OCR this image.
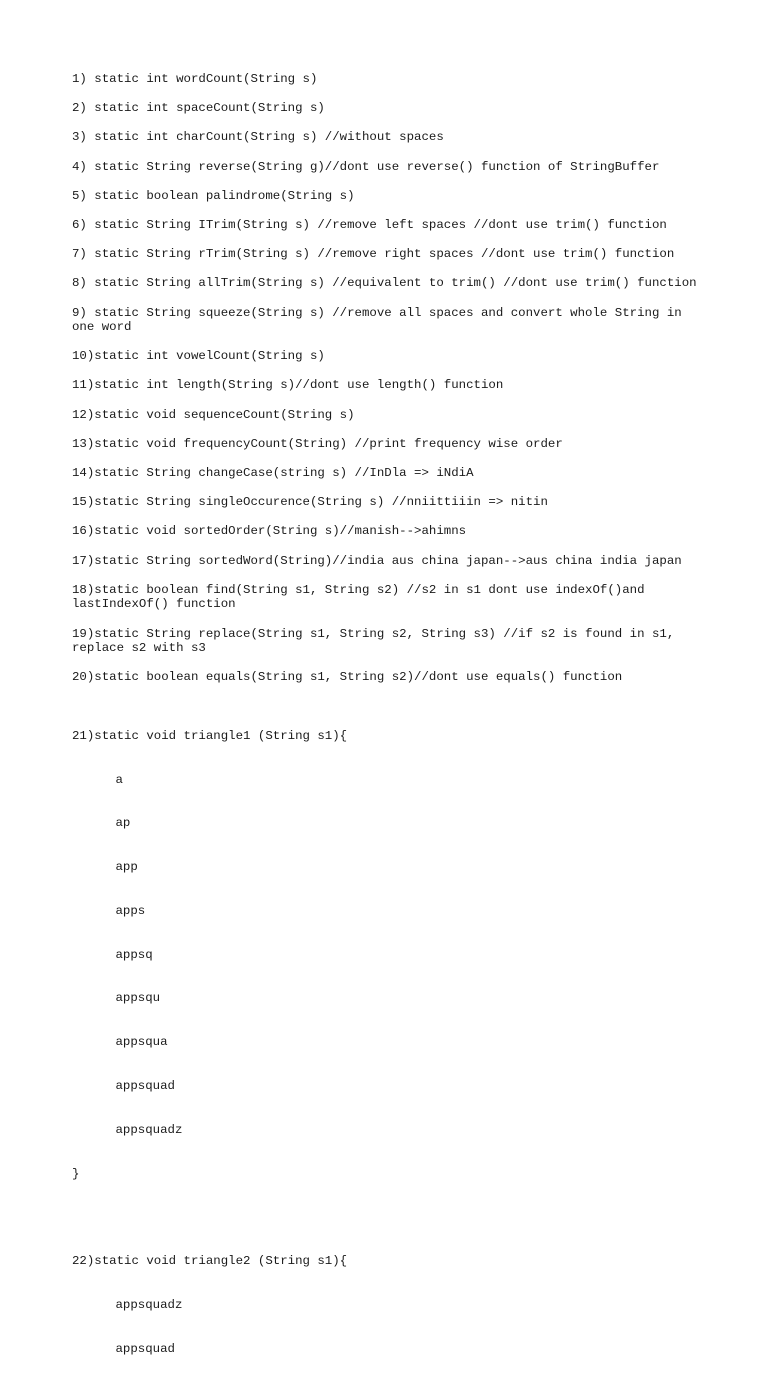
1) static int wordCount(String s)
2) static int spaceCount(String s)
3) static int charCount(String s) //without spaces
4) static String reverse(String g)//dont use reverse() function of StringBuffer
5) static boolean palindrome(String s)
6) static String ITrim(String s) //remove left spaces //dont use trim() function
7) static String rTrim(String s) //remove right spaces //dont use trim() function
8) static String allTrim(String s) //equivalent to trim() //dont use trim() function
9) static String squeeze(String s) //remove all spaces and convert whole String in one word
10)static int vowelCount(String s)
11)static int length(String s)//dont use length() function
12)static void sequenceCount(String s)
13)static void frequencyCount(String) //print frequency wise order
14)static String changeCase(string s) //InDla => iNdiA
15)static String singleOccurence(String s) //nniittiiin => nitin
16)static void sortedOrder(String s)//manish-->ahimns
17)static String sortedWord(String)//india aus china japan-->aus china india japan
18)static boolean find(String s1, String s2) //s2 in s1 dont use indexOf()and lastIndexOf() function
19)static String replace(String s1, String s2, String s3) //if s2 is found in s1, replace s2 with s3
20)static boolean equals(String s1, String s2)//dont use equals() function

21)static void triangle1 (String s1){

a

ap

app

apps

appsq

appsqu

appsqua

appsquad

appsquadz

}

22)static void triangle2 (String s1){

appsquadz

appsquad
